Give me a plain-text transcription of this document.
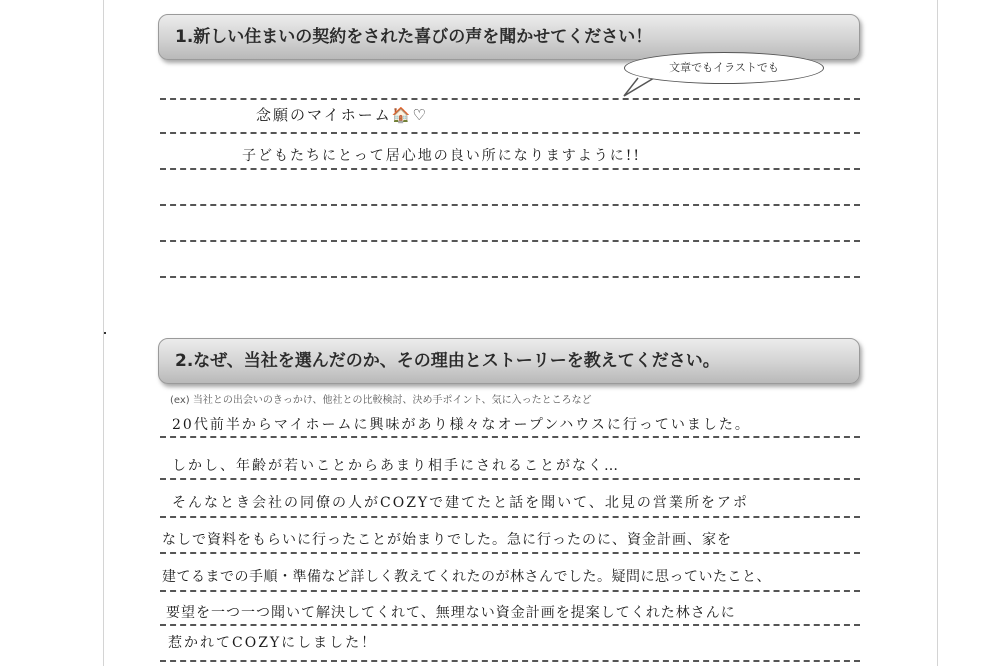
1.新しい住まいの契約をされた喜びの声を聞かせてください！
文章でもイラストでも
念願のマイホーム🏠♡
子どもたちにとって居心地の良い所になりますように!!
2.なぜ、当社を選んだのか、その理由とストーリーを教えてください。
(ex) 当社との出会いのきっかけ、他社との比較検討、決め手ポイント、気に入ったところなど
20代前半からマイホームに興味があり様々なオープンハウスに行っていました。
しかし、年齢が若いことからあまり相手にされることがなく…
そんなとき会社の同僚の人がCOZYで建てたと話を聞いて、北見の営業所をアポ
なしで資料をもらいに行ったことが始まりでした。急に行ったのに、資金計画、家を
建てるまでの手順・準備など詳しく教えてくれたのが林さんでした。疑問に思っていたこと、
要望を一つ一つ聞いて解決してくれて、無理ない資金計画を提案してくれた林さんに
惹かれてCOZYにしました！
